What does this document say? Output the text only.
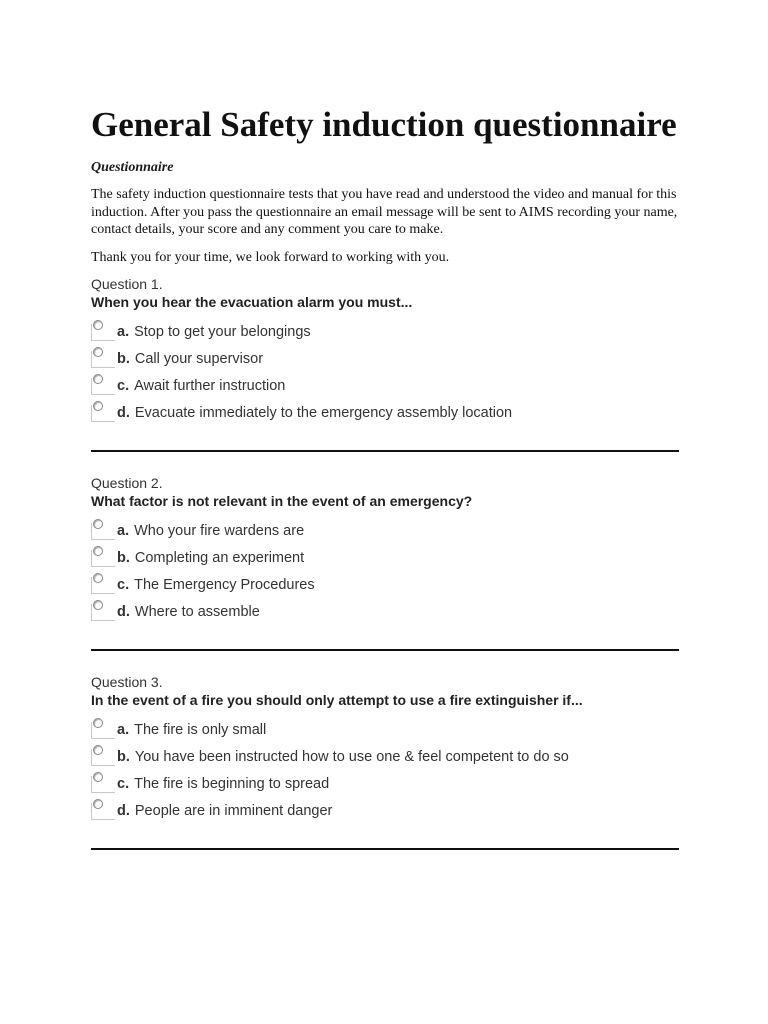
General Safety induction questionnaire

Questionnaire

The safety induction questionnaire tests that you have read and understood the video and manual for this induction. After you pass the questionnaire an email message will be sent to AIMS recording your name, contact details, your score and any comment you care to make.

Thank you for your time, we look forward to working with you.

Question 1.

When you hear the evacuation alarm you must...

a. Stop to get your belongings
b. Call your supervisor
c. Await further instruction
d. Evacuate immediately to the emergency assembly location

Question 2.

What factor is not relevant in the event of an emergency?

a. Who your fire wardens are
b. Completing an experiment
c. The Emergency Procedures
d. Where to assemble

Question 3.

In the event of a fire you should only attempt to use a fire extinguisher if...

a. The fire is only small
b. You have been instructed how to use one & feel competent to do so
c. The fire is beginning to spread
d. People are in imminent danger
